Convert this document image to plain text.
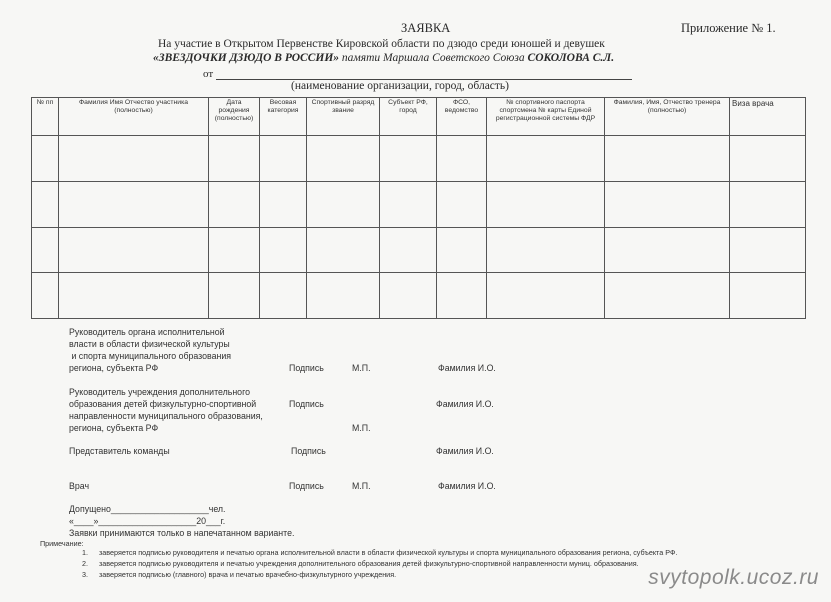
ЗАЯВКА	Приложение № 1.
На участие в Открытом Первенстве Кировской области по дзюдо среди юношей и девушек
«ЗВЕЗДОЧКИ ДЗЮДО В РОССИИ» памяти Маршала Советского Союза СОКОЛОВА С.Л.
от
(наименование организации, город, область)
№ пп	Фамилия Имя Отчество участника (полностью)	Дата рождения (полностью)	Весовая категория	Спортивный разряд звание	Субъект РФ, город	ФСО, ведомство	№ спортивного паспорта спортсмена № карты Единой регистрационной системы ФДР	Фамилия, Имя, Отчество тренера (полностью)	Виза врача

Руководитель органа исполнительной
власти в области физической культуры
и спорта муниципального образования
региона, субъекта РФ	Подпись	М.П.	Фамилия И.О.
Руководитель учреждения дополнительного
образования детей физкультурно-спортивной
направленности муниципального образования,
региона, субъекта РФ
Подпись	Фамилия И.О.
М.П.
Представитель команды	Подпись	Фамилия И.О.
Врач	Подпись	М.П.	Фамилия И.О.
Допущено____________________чел.
«____»____________________20___г.
Заявки принимаются только в напечатанном варианте.
Примечание:
1. заверяется подписью руководителя и печатью органа исполнительной власти в области физической культуры и спорта муниципального образования региона, субъекта РФ.
2. заверяется подписью руководителя и печатью учреждения дополнительного образования детей физкультурно-спортивной направленности муниц. образования.
3. заверяется подписью (главного) врача и печатью врачебно-физкультурного учреждения.	svytopolk.ucoz.ru
